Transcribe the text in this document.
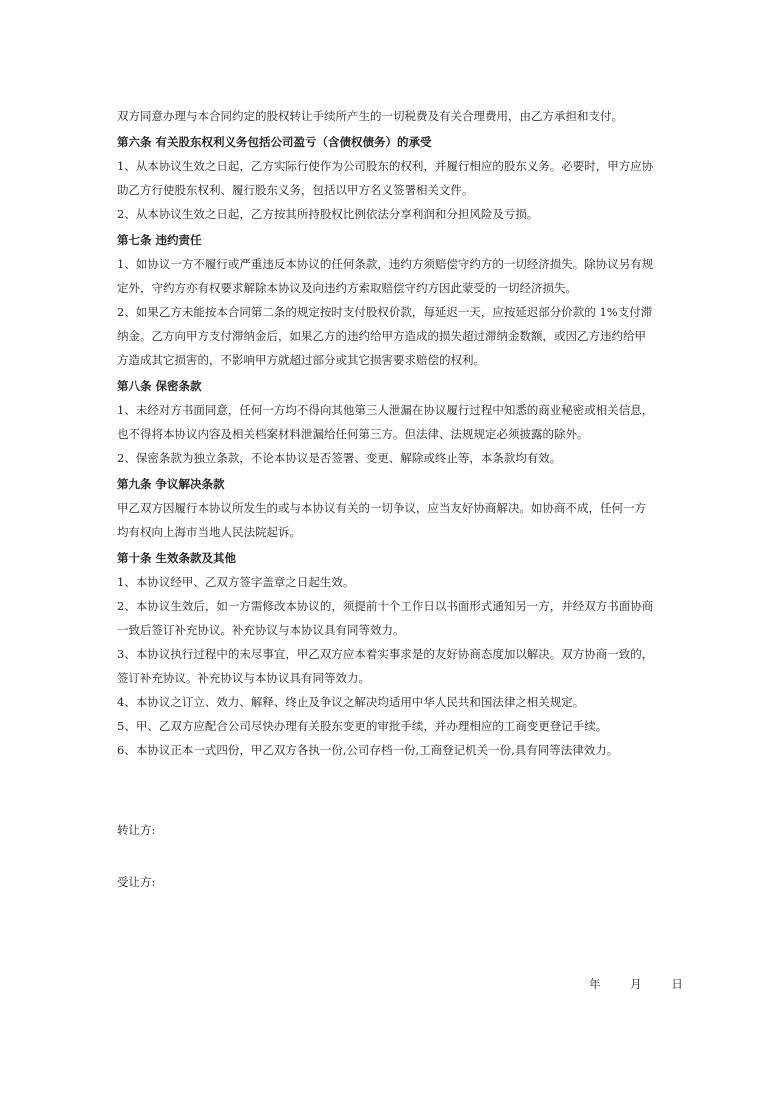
双方同意办理与本合同约定的股权转让手续所产生的一切税费及有关合理费用，由乙方承担和支付。

第六条 有关股东权利义务包括公司盈亏（含债权债务）的承受

1、从本协议生效之日起，乙方实际行使作为公司股东的权利，并履行相应的股东义务。必要时，甲方应协

助乙方行使股东权利、履行股东义务，包括以甲方名义签署相关文件。

2、从本协议生效之日起，乙方按其所持股权比例依法分享利润和分担风险及亏损。

第七条 违约责任

1、如协议一方不履行或严重违反本协议的任何条款，违约方须赔偿守约方的一切经济损失。除协议另有规

定外，守约方亦有权要求解除本协议及向违约方索取赔偿守约方因此蒙受的一切经济损失。

2、如果乙方未能按本合同第二条的规定按时支付股权价款，每延迟一天，应按延迟部分价款的 1%支付滞

纳金。乙方向甲方支付滞纳金后，如果乙方的违约给甲方造成的损失超过滞纳金数额，或因乙方违约给甲

方造成其它损害的，不影响甲方就超过部分或其它损害要求赔偿的权利。

第八条 保密条款

1、未经对方书面同意，任何一方均不得向其他第三人泄漏在协议履行过程中知悉的商业秘密或相关信息，

也不得将本协议内容及相关档案材料泄漏给任何第三方。但法律、法规规定必须披露的除外。

2、保密条款为独立条款，不论本协议是否签署、变更、解除或终止等，本条款均有效。

第九条 争议解决条款

甲乙双方因履行本协议所发生的或与本协议有关的一切争议，应当友好协商解决。如协商不成，任何一方

均有权向上海市当地人民法院起诉。

第十条 生效条款及其他

1、本协议经甲、乙双方签字盖章之日起生效。

2、本协议生效后，如一方需修改本协议的，须提前十个工作日以书面形式通知另一方，并经双方书面协商

一致后签订补充协议。补充协议与本协议具有同等效力。

3、本协议执行过程中的未尽事宜，甲乙双方应本着实事求是的友好协商态度加以解决。双方协商一致的，

签订补充协议。补充协议与本协议具有同等效力。

4、本协议之订立、效力、解释、终止及争议之解决均适用中华人民共和国法律之相关规定。

5、甲、乙双方应配合公司尽快办理有关股东变更的审批手续，并办理相应的工商变更登记手续。

6、本协议正本一式四份，甲乙双方各执一份,公司存档一份,工商登记机关一份,具有同等法律效力。

转让方:
受让方:
年	月	日
